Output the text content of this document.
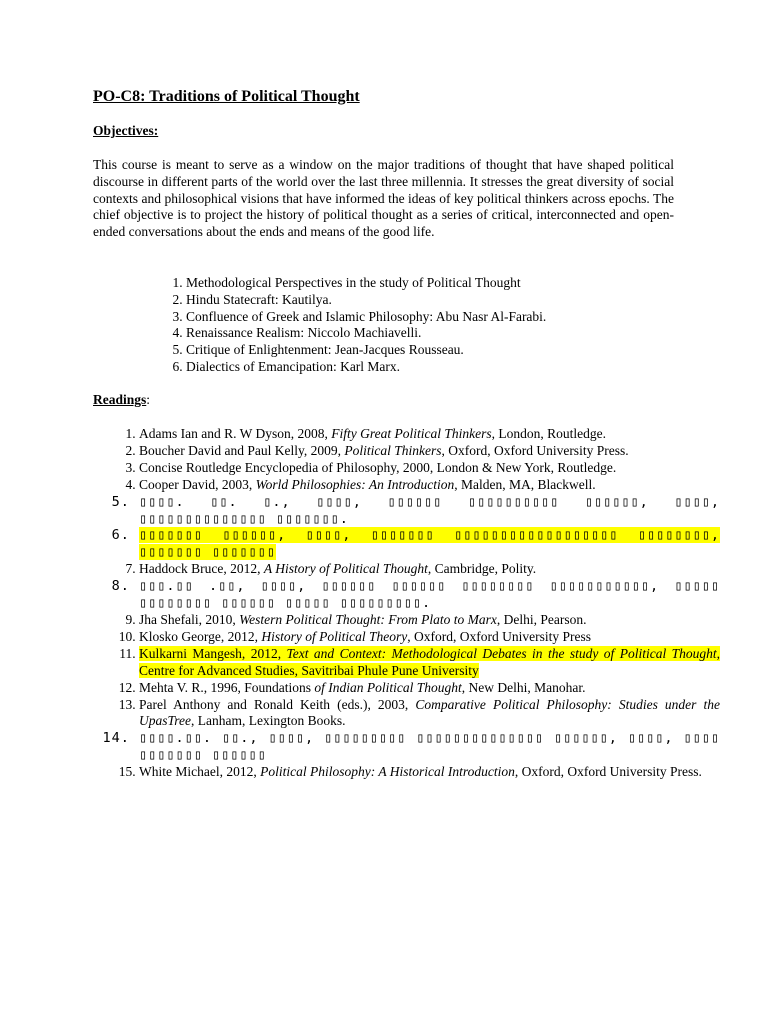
PO-C8: Traditions of Political Thought
Objectives:

This course is meant to serve as a window on the major traditions of thought that have shaped political discourse in different parts of the world over the last three millennia. It stresses the great diversity of social contexts and philosophical visions that have informed the ideas of key political thinkers across epochs. The chief objective is to project the history of political thought as a series of critical, interconnected and open-ended conversations about the ends and means of the good life.

1. Methodological Perspectives in the study of Political Thought
2. Hindu Statecraft: Kautilya.
3. Confluence of Greek and Islamic Philosophy: Abu Nasr Al-Farabi.
4. Renaissance Realism: Niccolo Machiavelli.
5. Critique of Enlightenment: Jean-Jacques Rousseau.
6. Dialectics of Emancipation: Karl Marx.
Readings:
1. Adams Ian and R. W Dyson, 2008, Fifty Great Political Thinkers, London, Routledge.
2. Boucher David and Paul Kelly, 2009, Political Thinkers, Oxford, Oxford University Press.
3. Concise Routledge Encyclopedia of Philosophy, 2000, London & New York, Routledge.
4. Cooper David, 2003, World Philosophies: An Introduction, Malden, MA, Blackwell.
5. ▯▯▯▯. ▯▯. ▯., ▯▯▯▯, ▯▯▯▯▯▯ ▯▯▯▯▯▯▯▯▯▯ ▯▯▯▯▯▯, ▯▯▯▯, ▯▯▯▯▯▯▯▯▯▯▯▯▯▯ ▯▯▯▯▯▯▯.
6. ▯▯▯▯▯▯▯ ▯▯▯▯▯▯, ▯▯▯▯, ▯▯▯▯▯▯▯ ▯▯▯▯▯▯▯▯▯▯▯▯▯▯▯▯▯▯ ▯▯▯▯▯▯▯▯, ▯▯▯▯▯▯▯ ▯▯▯▯▯▯▯
7. Haddock Bruce, 2012, A History of Political Thought, Cambridge, Polity.
8. ▯▯▯.▯▯ .▯▯, ▯▯▯▯, ▯▯▯▯▯▯ ▯▯▯▯▯▯ ▯▯▯▯▯▯▯▯ ▯▯▯▯▯▯▯▯▯▯▯, ▯▯▯▯▯ ▯▯▯▯▯▯▯▯ ▯▯▯▯▯▯ ▯▯▯▯▯ ▯▯▯▯▯▯▯▯▯.
9. Jha Shefali, 2010, Western Political Thought: From Plato to Marx, Delhi, Pearson.
10. Klosko George, 2012, History of Political Theory, Oxford, Oxford University Press
11. Kulkarni Mangesh, 2012, Text and Context: Methodological Debates in the study of Political Thought, Centre for Advanced Studies, Savitribai Phule Pune University
12. Mehta V. R., 1996, Foundations of Indian Political Thought, New Delhi, Manohar.
13. Parel Anthony and Ronald Keith (eds.), 2003, Comparative Political Philosophy: Studies under the UpasTree, Lanham, Lexington Books.
14. ▯▯▯▯.▯▯. ▯▯., ▯▯▯▯, ▯▯▯▯▯▯▯▯▯ ▯▯▯▯▯▯▯▯▯▯▯▯▯▯ ▯▯▯▯▯▯, ▯▯▯▯, ▯▯▯▯ ▯▯▯▯▯▯▯ ▯▯▯▯▯▯
15. White Michael, 2012, Political Philosophy: A Historical Introduction, Oxford, Oxford University Press.
